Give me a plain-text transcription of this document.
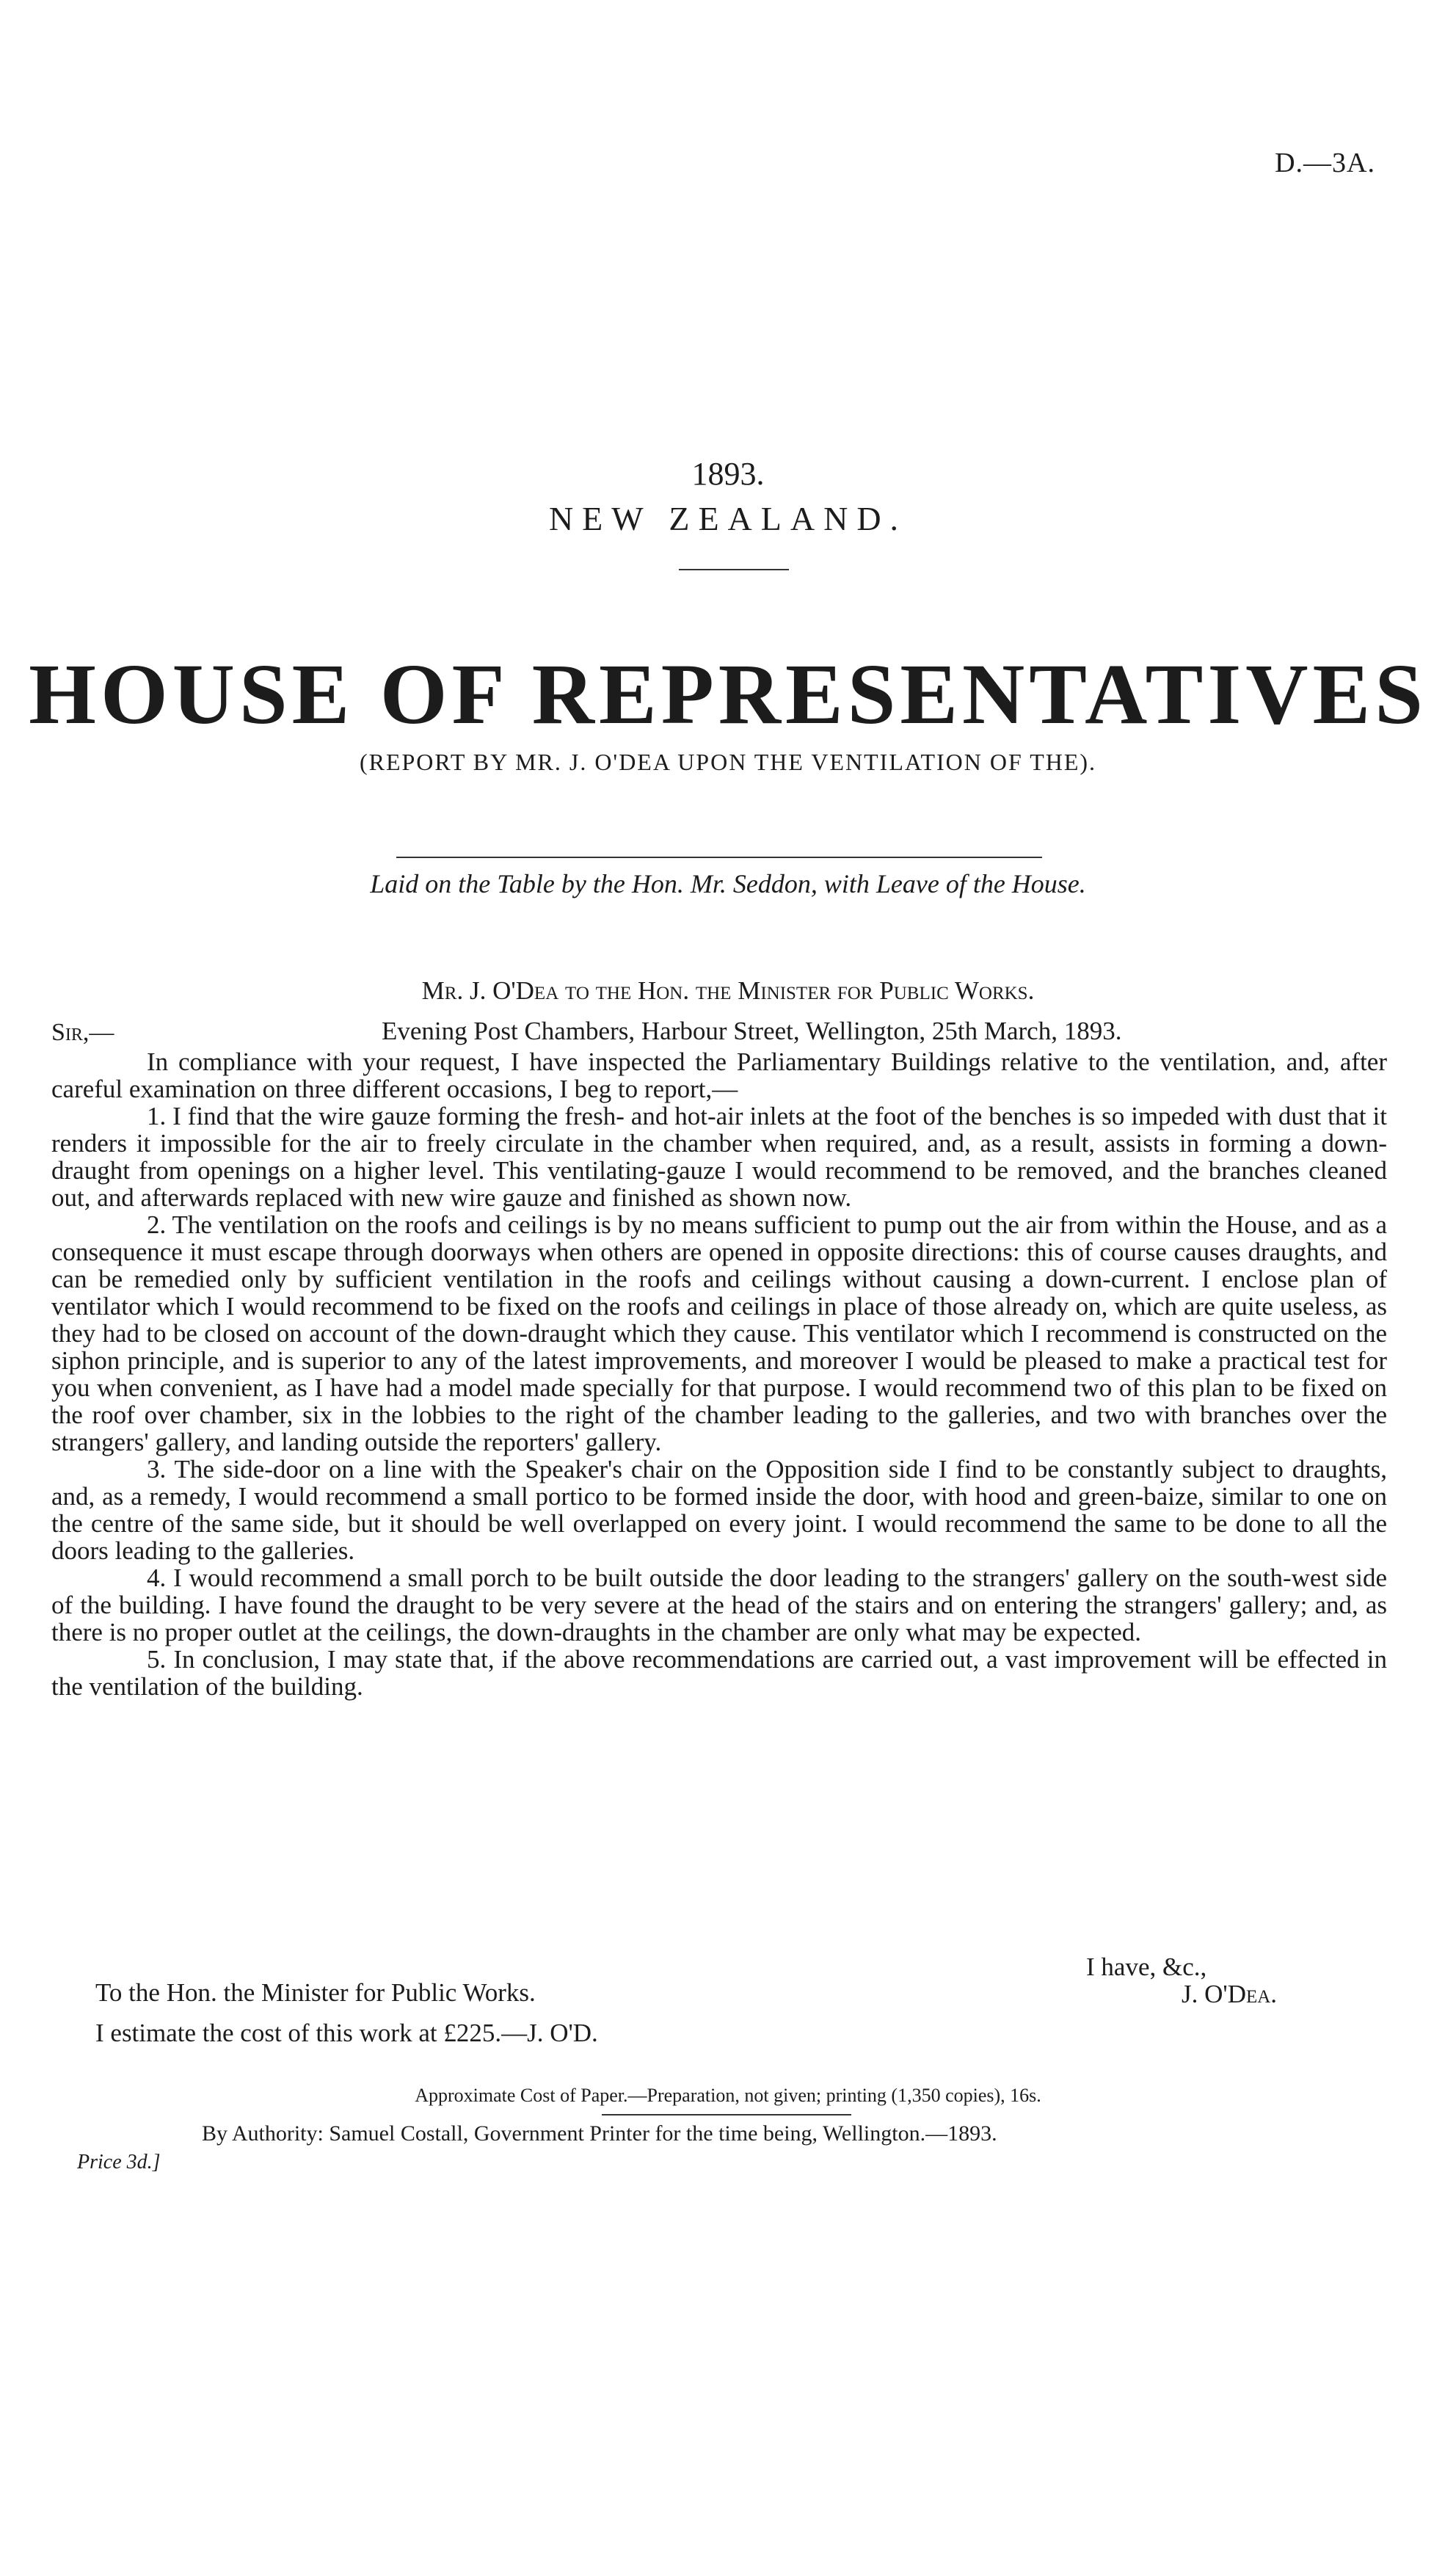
D.—3A.
1893.
NEW ZEALAND.
HOUSE OF REPRESENTATIVES
(REPORT BY MR. J. O'DEA UPON THE VENTILATION OF THE).
Laid on the Table by the Hon. Mr. Seddon, with Leave of the House.
Mr. J. O'Dea to the Hon. the Minister for Public Works.
Sir,—	Evening Post Chambers, Harbour Street, Wellington, 25th March, 1893.

In compliance with your request, I have inspected the Parliamentary Buildings relative to the ventilation, and, after careful examination on three different occasions, I beg to report,—

1. I find that the wire gauze forming the fresh- and hot-air inlets at the foot of the benches is so impeded with dust that it renders it impossible for the air to freely circulate in the chamber when required, and, as a result, assists in forming a down-draught from openings on a higher level. This ventilating-gauze I would recommend to be removed, and the branches cleaned out, and afterwards replaced with new wire gauze and finished as shown now.

2. The ventilation on the roofs and ceilings is by no means sufficient to pump out the air from within the House, and as a consequence it must escape through doorways when others are opened in opposite directions: this of course causes draughts, and can be remedied only by sufficient ventilation in the roofs and ceilings without causing a down-current. I enclose plan of ventilator which I would recommend to be fixed on the roofs and ceilings in place of those already on, which are quite useless, as they had to be closed on account of the down-draught which they cause. This ventilator which I recommend is constructed on the siphon principle, and is superior to any of the latest improvements, and moreover I would be pleased to make a practical test for you when convenient, as I have had a model made specially for that purpose. I would recommend two of this plan to be fixed on the roof over chamber, six in the lobbies to the right of the chamber leading to the galleries, and two with branches over the strangers' gallery, and landing outside the reporters' gallery.

3. The side-door on a line with the Speaker's chair on the Opposition side I find to be constantly subject to draughts, and, as a remedy, I would recommend a small portico to be formed inside the door, with hood and green-baize, similar to one on the centre of the same side, but it should be well overlapped on every joint. I would recommend the same to be done to all the doors leading to the galleries.

4. I would recommend a small porch to be built outside the door leading to the strangers' gallery on the south-west side of the building. I have found the draught to be very severe at the head of the stairs and on entering the strangers' gallery; and, as there is no proper outlet at the ceilings, the down-draughts in the chamber are only what may be expected.

5. In conclusion, I may state that, if the above recommendations are carried out, a vast improvement will be effected in the ventilation of the building.

I have, &c.,
To the Hon. the Minister for Public Works.	J. O'Dea.
I estimate the cost of this work at £225.—J. O'D.
Approximate Cost of Paper.—Preparation, not given; printing (1,350 copies), 16s.
By Authority: Samuel Costall, Government Printer for the time being, Wellington.—1893.
Price 3d.]
